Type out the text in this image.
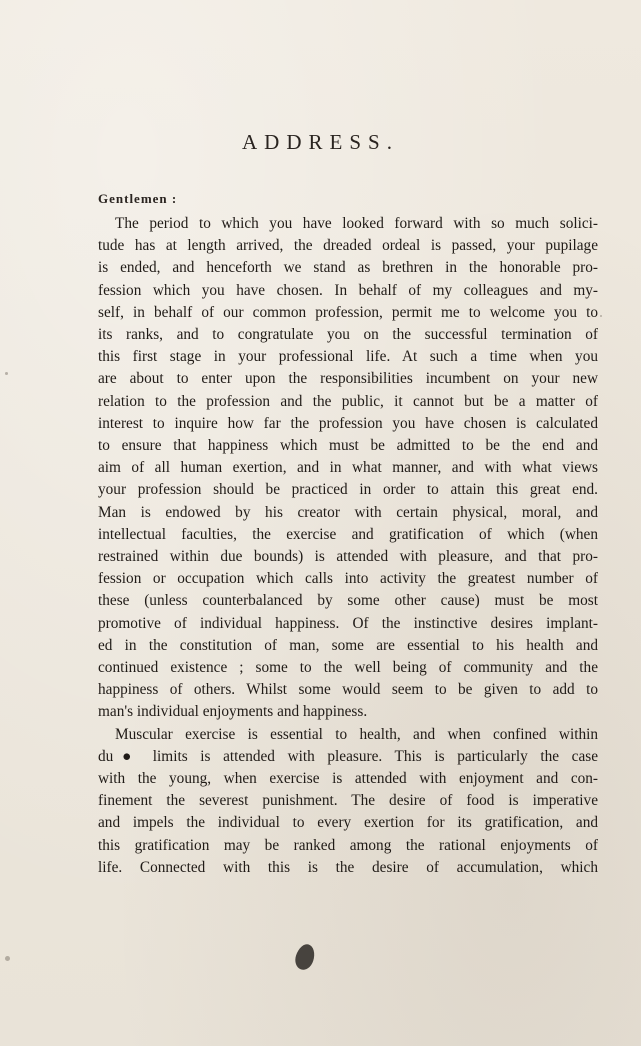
ADDRESS.
Gentlemen :
The period to which you have looked forward with so much solici-
tude has at length arrived, the dreaded ordeal is passed, your pupilage
is ended, and henceforth we stand as brethren in the honorable pro-
fession which you have chosen. In behalf of my colleagues and my-
self, in behalf of our common profession, permit me to welcome you to
its ranks, and to congratulate you on the successful termination of
this first stage in your professional life. At such a time when you
are about to enter upon the responsibilities incumbent on your new
relation to the profession and the public, it cannot but be a matter of
interest to inquire how far the profession you have chosen is calculated
to ensure that happiness which must be admitted to be the end and
aim of all human exertion, and in what manner, and with what views
your profession should be practiced in order to attain this great end.
Man is endowed by his creator with certain physical, moral, and
intellectual faculties, the exercise and gratification of which (when
restrained within due bounds) is attended with pleasure, and that pro-
fession or occupation which calls into activity the greatest number of
these (unless counterbalanced by some other cause) must be most
promotive of individual happiness. Of the instinctive desires implant-
ed in the constitution of man, some are essential to his health and
continued existence ; some to the well being of community and the
happiness of others. Whilst some would seem to be given to add to
man's individual enjoyments and happiness.
Muscular exercise is essential to health, and when confined within
du● limits is attended with pleasure. This is particularly the case
with the young, when exercise is attended with enjoyment and con-
finement the severest punishment. The desire of food is imperative
and impels the individual to every exertion for its gratification, and
this gratification may be ranked among the rational enjoyments of
life. Connected with this is the desire of accumulation, which
